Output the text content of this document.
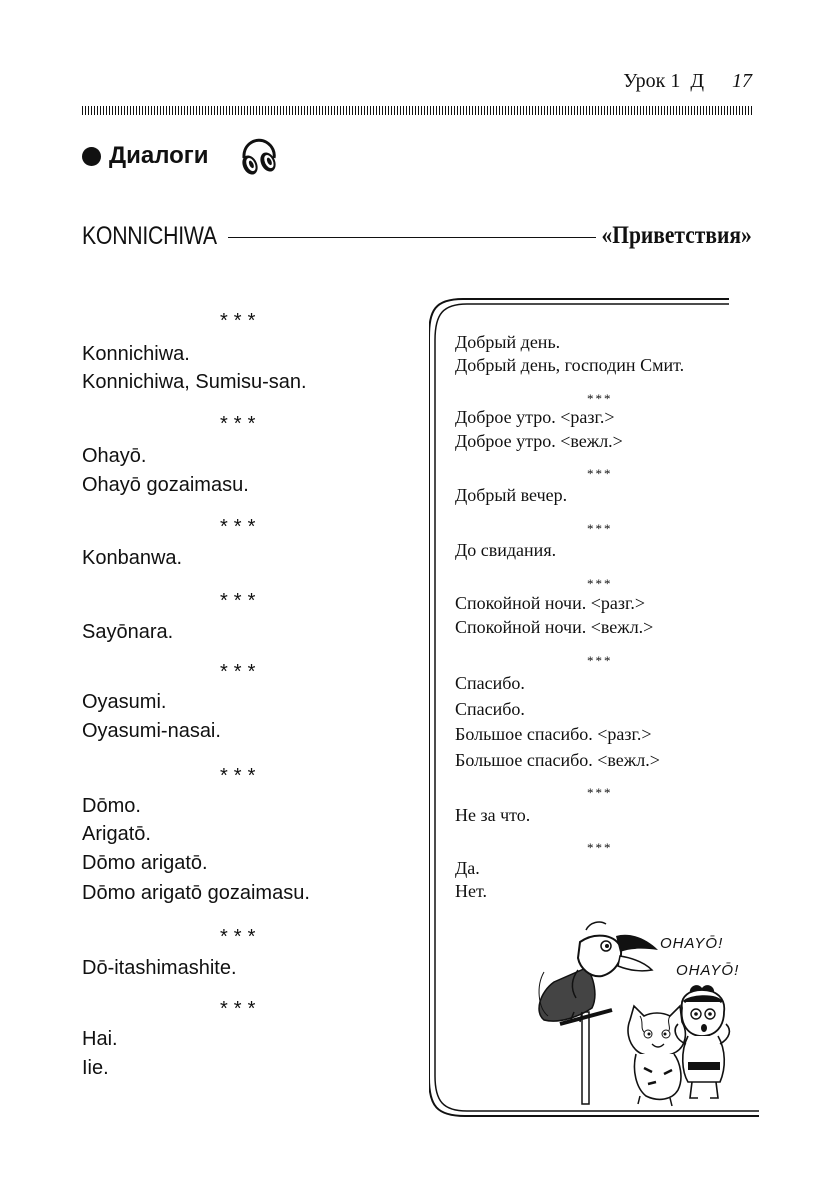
Урок 1 Д 17
Диалоги
KONNICHIWA	«Приветствия»
***
Konnichiwa.
Konnichiwa, Sumisu-san.
***
Ohayō.
Ohayō gozaimasu.
***
Konbanwa.
***
Sayōnara.
***
Oyasumi.
Oyasumi-nasai.
***
Dōmo.
Arigatō.
Dōmo arigatō.
Dōmo arigatō gozaimasu.
***
Dō-itashimashite.
***
Hai.
Iie.
Добрый день.
Добрый день, господин Смит.
***
Доброе утро. <разг.>
Доброе утро. <вежл.>
***
Добрый вечер.
***
До свидания.
***
Спокойной ночи. <разг.>
Спокойной ночи. <вежл.>
***
Спасибо.
Спасибо.
Большое спасибо. <разг.>
Большое спасибо. <вежл.>
***
Не за что.
***
Да.
Нет.
OHAYŌ!
OHAYŌ!
